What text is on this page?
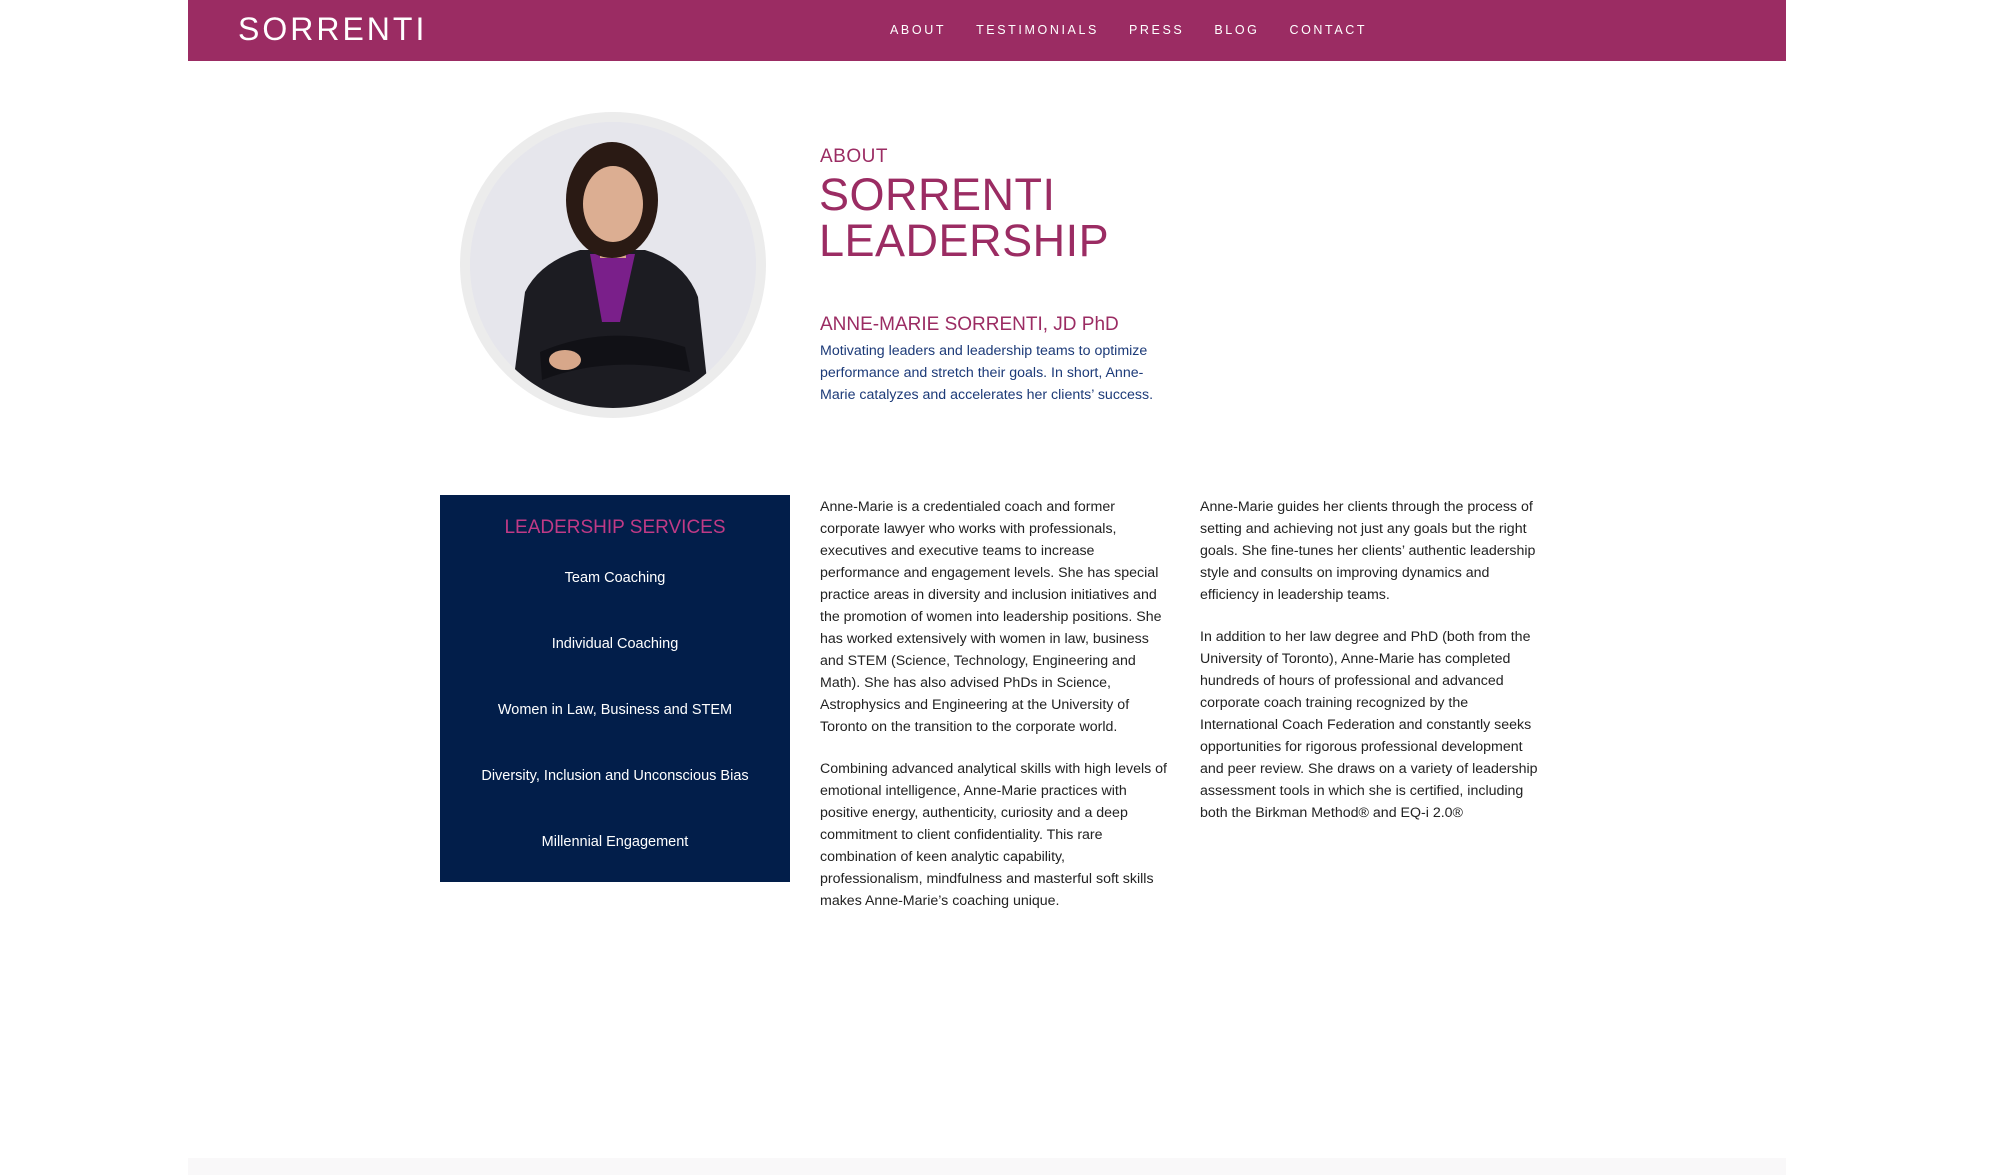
SORRENTI	ABOUT TESTIMONIALS PRESS BLOG CONTACT
ABOUT
SORRENTI
LEADERSHIP
ANNE-MARIE SORRENTI, JD PhD
Motivating leaders and leadership teams to optimize performance and stretch their goals. In short, Anne-Marie catalyzes and accelerates her clients’ success.
LEADERSHIP SERVICES
Team Coaching
Individual Coaching
Women in Law, Business and STEM
Diversity, Inclusion and Unconscious Bias
Millennial Engagement

Anne-Marie is a credentialed coach and former corporate lawyer who works with professionals, executives and executive teams to increase performance and engagement levels. She has special practice areas in diversity and inclusion initiatives and the promotion of women into leadership positions. She has worked extensively with women in law, business and STEM (Science, Technology, Engineering and Math). She has also advised PhDs in Science, Astrophysics and Engineering at the University of Toronto on the transition to the corporate world.

Combining advanced analytical skills with high levels of emotional intelligence, Anne-Marie practices with positive energy, authenticity, curiosity and a deep commitment to client confidentiality. This rare combination of keen analytic capability, professionalism, mindfulness and masterful soft skills makes Anne-Marie’s coaching unique.

Anne-Marie guides her clients through the process of setting and achieving not just any goals but the right goals. She fine-tunes her clients’ authentic leadership style and consults on improving dynamics and efficiency in leadership teams.

In addition to her law degree and PhD (both from the University of Toronto), Anne-Marie has completed hundreds of hours of professional and advanced corporate coach training recognized by the International Coach Federation and constantly seeks opportunities for rigorous professional development and peer review. She draws on a variety of leadership assessment tools in which she is certified, including both the Birkman Method® and EQ-i 2.0®
